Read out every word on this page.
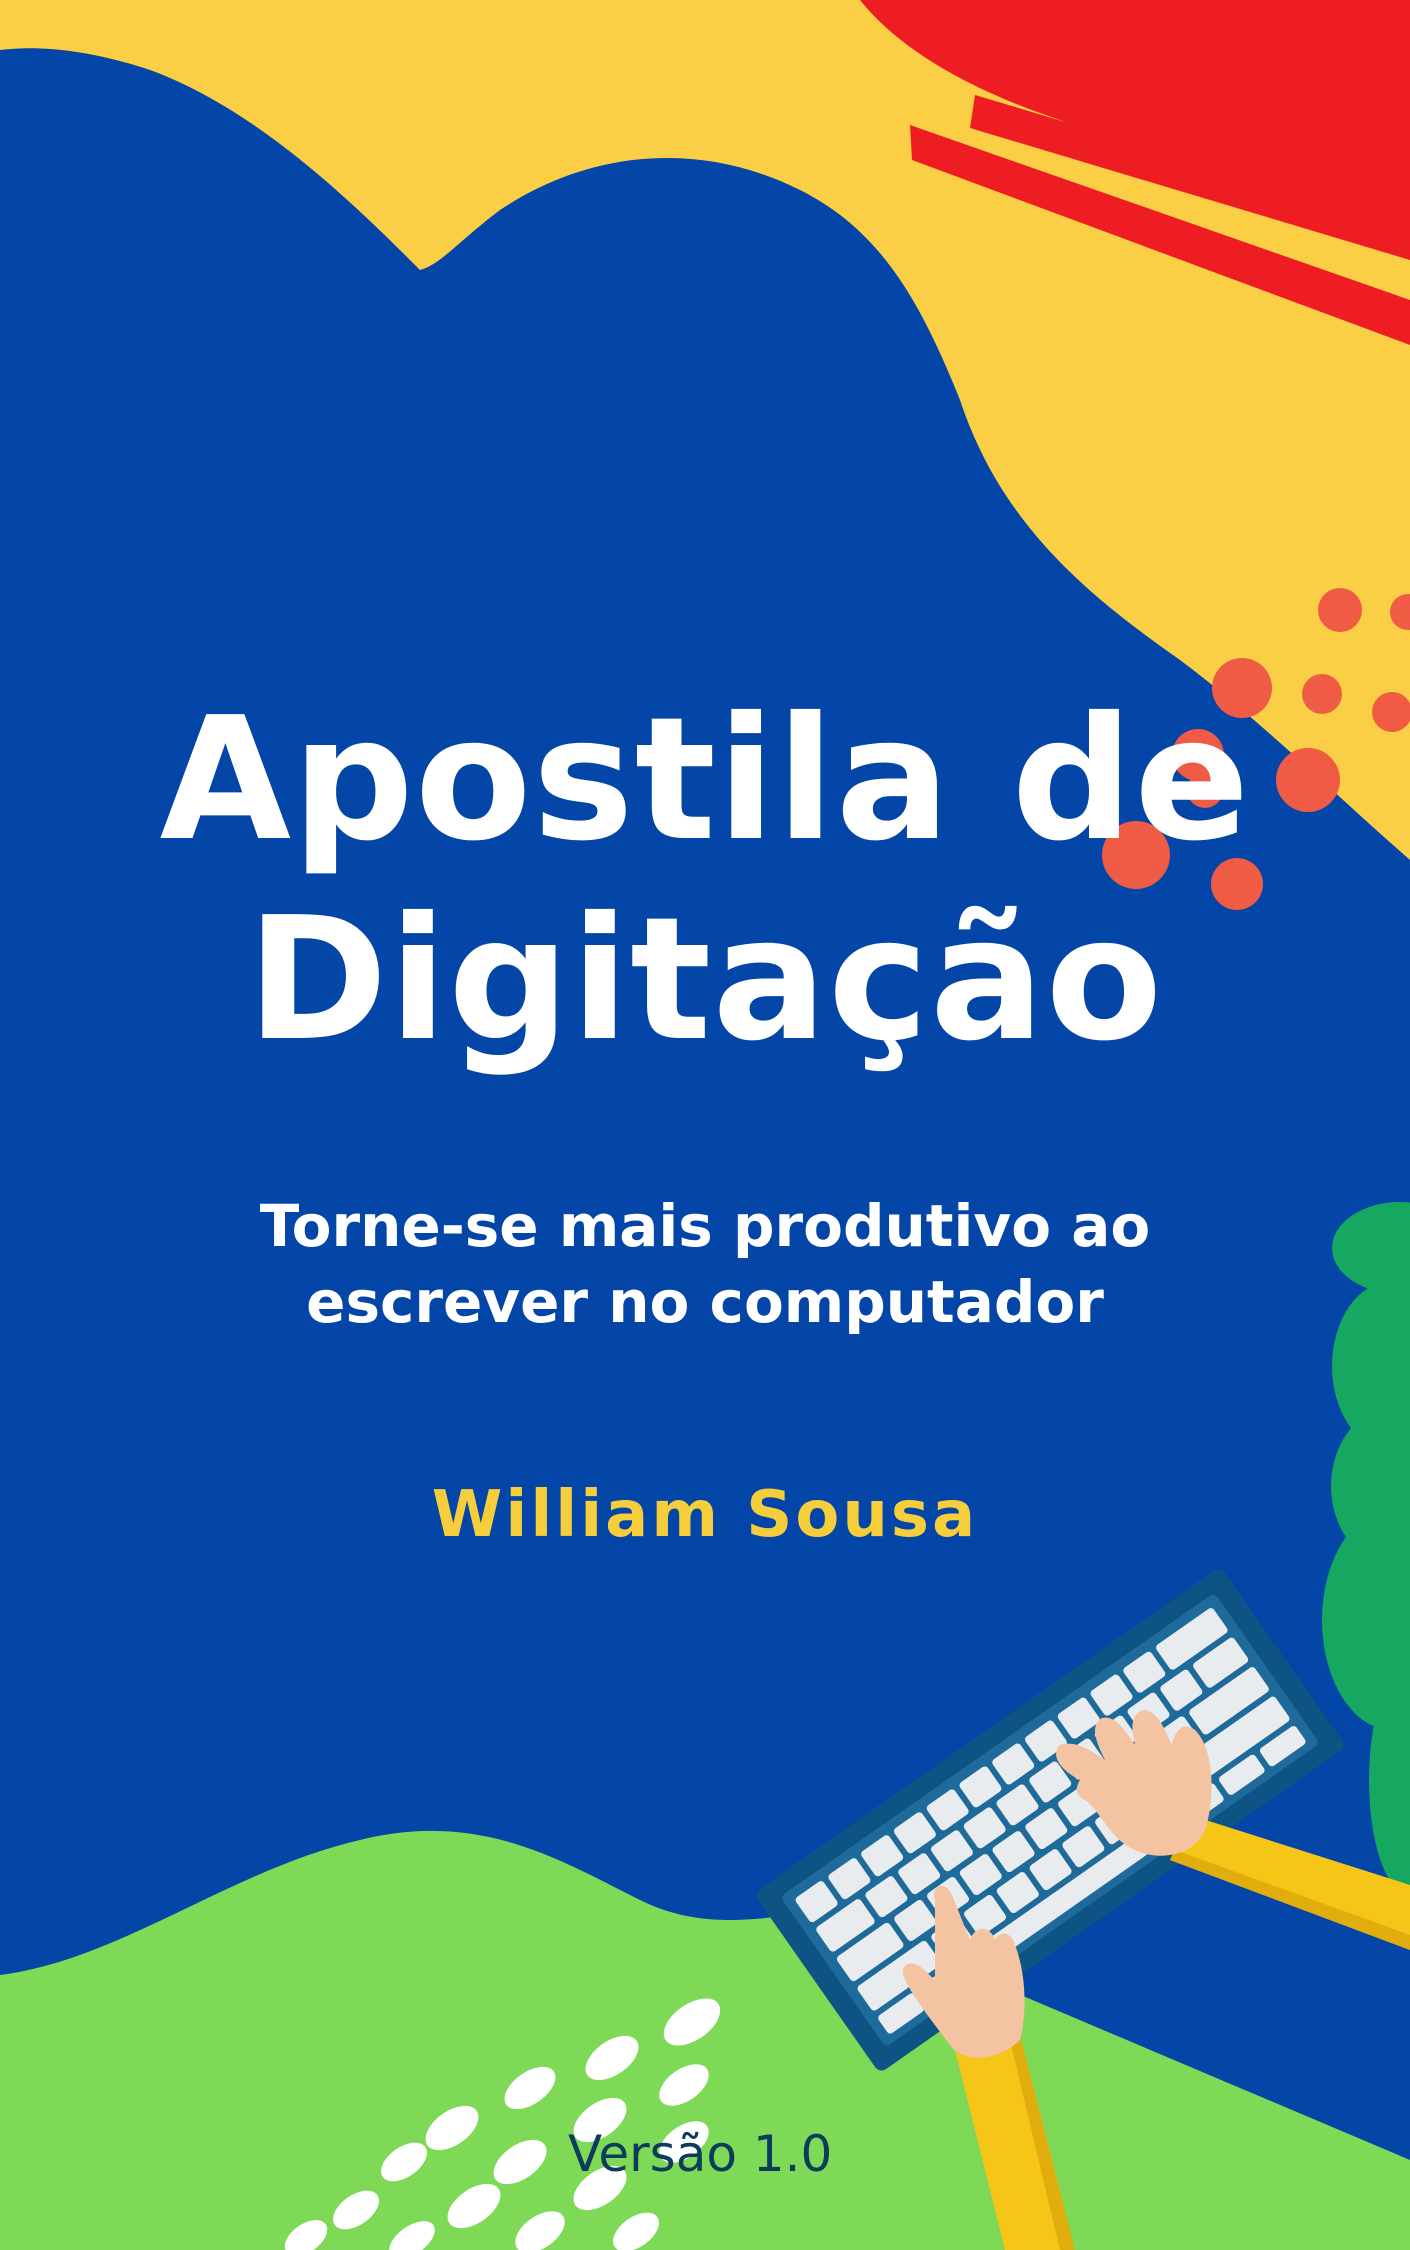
Apostila de
Digitação

Torne-se mais produtivo ao
escrever no computador

William Sousa

Versão 1.0
